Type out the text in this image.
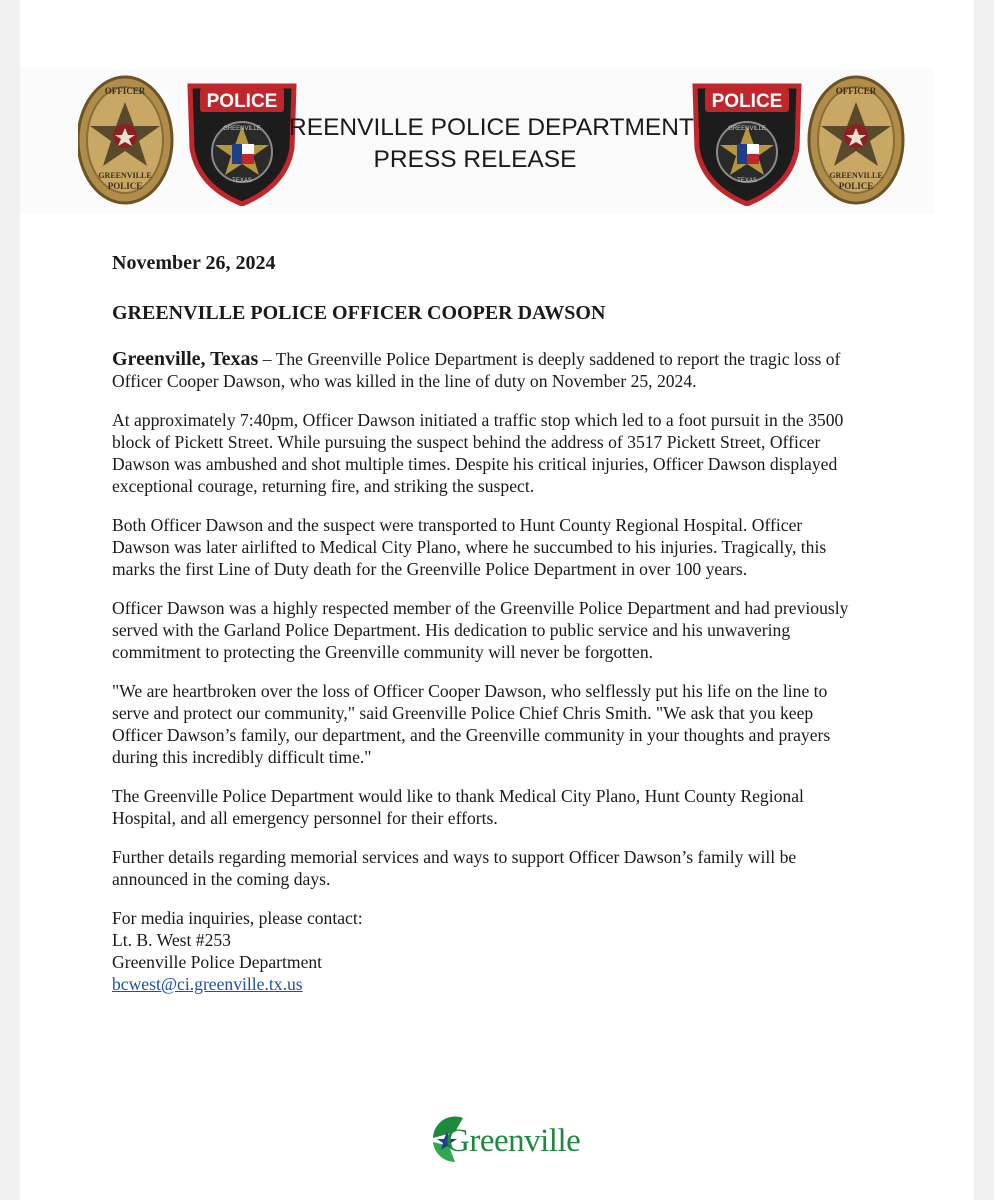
OFFICER
GREENVILLE
POLICE
POLICE
GREENVILLE
TEXAS
GREENVILLE POLICE DEPARTMENT
PRESS RELEASE
POLICE
GREENVILLE
TEXAS
OFFICER
GREENVILLE
POLICE

November 26, 2024

GREENVILLE POLICE OFFICER COOPER DAWSON

Greenville, Texas – The Greenville Police Department is deeply saddened to report the tragic loss of Officer Cooper Dawson, who was killed in the line of duty on November 25, 2024.

At approximately 7:40pm, Officer Dawson initiated a traffic stop which led to a foot pursuit in the 3500 block of Pickett Street. While pursuing the suspect behind the address of 3517 Pickett Street, Officer Dawson was ambushed and shot multiple times. Despite his critical injuries, Officer Dawson displayed exceptional courage, returning fire, and striking the suspect.

Both Officer Dawson and the suspect were transported to Hunt County Regional Hospital. Officer Dawson was later airlifted to Medical City Plano, where he succumbed to his injuries. Tragically, this marks the first Line of Duty death for the Greenville Police Department in over 100 years.

Officer Dawson was a highly respected member of the Greenville Police Department and had previously served with the Garland Police Department. His dedication to public service and his unwavering commitment to protecting the Greenville community will never be forgotten.

"We are heartbroken over the loss of Officer Cooper Dawson, who selflessly put his life on the line to serve and protect our community," said Greenville Police Chief Chris Smith. "We ask that you keep Officer Dawson’s family, our department, and the Greenville community in your thoughts and prayers during this incredibly difficult time."

The Greenville Police Department would like to thank Medical City Plano, Hunt County Regional Hospital, and all emergency personnel for their efforts.

Further details regarding memorial services and ways to support Officer Dawson’s family will be announced in the coming days.

For media inquiries, please contact:
Lt. B. West #253
Greenville Police Department
bcwest@ci.greenville.tx.us
Greenville
